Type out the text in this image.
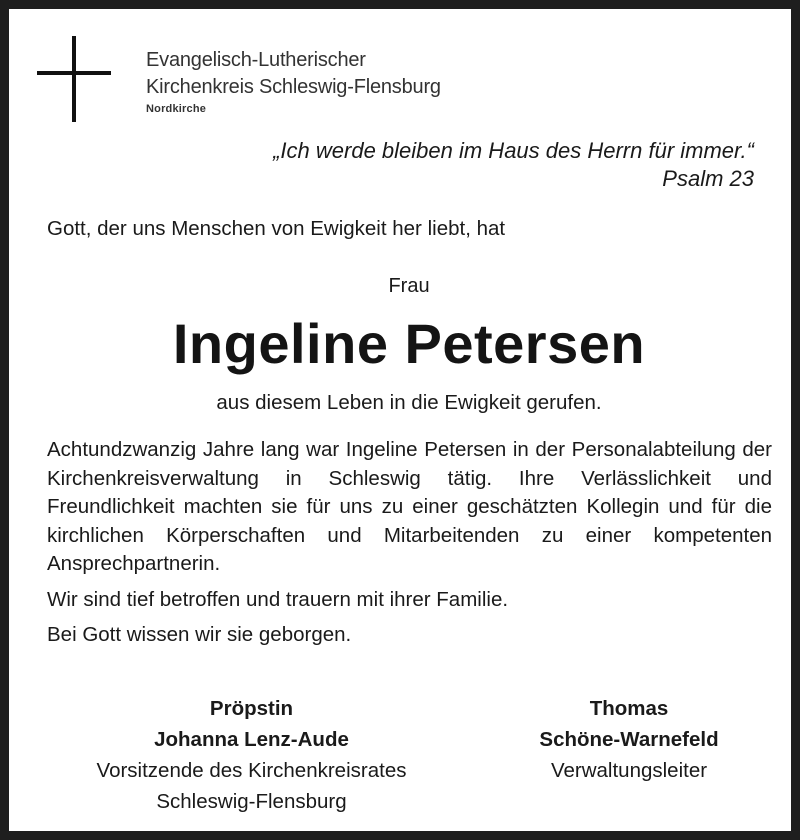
Evangelisch-Lutherischer
Kirchenkreis Schleswig-Flensburg
Nordkirche
„Ich werde bleiben im Haus des Herrn für immer.“
Psalm 23
Gott, der uns Menschen von Ewigkeit her liebt, hat
Frau
Ingeline Petersen
aus diesem Leben in die Ewigkeit gerufen.

Achtundzwanzig Jahre lang war Ingeline Petersen in der Personalabteilung der Kirchenkreisverwaltung in Schleswig tätig. Ihre Verlässlichkeit und Freundlichkeit machten sie für uns zu einer geschätzten Kollegin und für die kirchlichen Körperschaften und Mitarbeitenden zu einer kompetenten Ansprechpartnerin.

Wir sind tief betroffen und trauern mit ihrer Familie.

Bei Gott wissen wir sie geborgen.

Pröpstin
Johanna Lenz-Aude
Vorsitzende des Kirchenkreisrates
Schleswig-Flensburg
Thomas
Schöne-Warnefeld
Verwaltungsleiter
